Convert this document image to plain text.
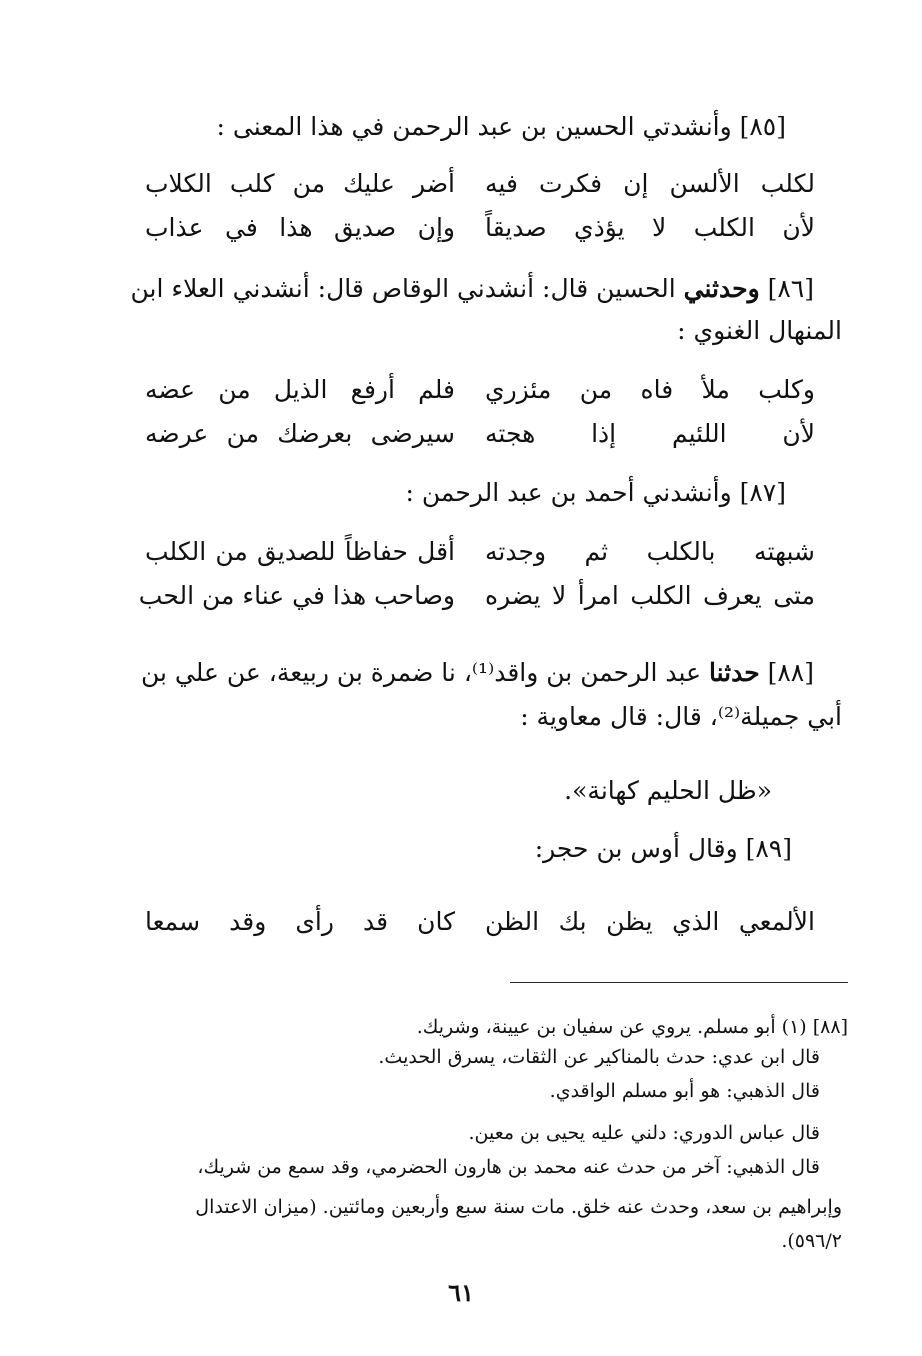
[٨٥] وأنشدتي الحسين بن عبد الرحمن في هذا المعنى :
لكلب الألسن إن فكرت فيه
أضر عليك من كلب الكلاب
لأن الكلب لا يؤذي صديقاً
وإن صديق هذا في عذاب
[٨٦] وحدثني الحسين قال: أنشدني الوقاص قال: أنشدني العلاء ابن
المنهال الغنوي :
وكلب ملأ فاه من مئزري
فلم أرفع الذيل من عضه
لأن اللئيم إذا هجته
سيرضى بعرضك من عرضه
[٨٧] وأنشدني أحمد بن عبد الرحمن :
شبهته بالكلب ثم وجدته
أقل حفاظاً للصديق من الكلب
متى يعرف الكلب امرأ لا يضره
وصاحب هذا في عناء من الحب
[٨٨] حدثنا عبد الرحمن بن واقد⁽¹⁾، نا ضمرة بن ربيعة، عن علي بن
أبي جميلة⁽²⁾، قال: قال معاوية :
«ظل الحليم كهانة».
[٨٩] وقال أوس بن حجر:
الألمعي الذي يظن بك الظن
كان قد رأى وقد سمعا
[٨٨] (١) أبو مسلم. يروي عن سفيان بن عيينة، وشريك.
قال ابن عدي: حدث بالمناكير عن الثقات، يسرق الحديث.
قال الذهبي: هو أبو مسلم الواقدي.
قال عباس الدوري: دلني عليه يحيى بن معين.
قال الذهبي: آخر من حدث عنه محمد بن هارون الحضرمي، وقد سمع من شريك،
وإبراهيم بن سعد، وحدث عنه خلق. مات سنة سبع وأربعين ومائتين. (ميزان الاعتدال
٥٩٦/٢).
٦١
